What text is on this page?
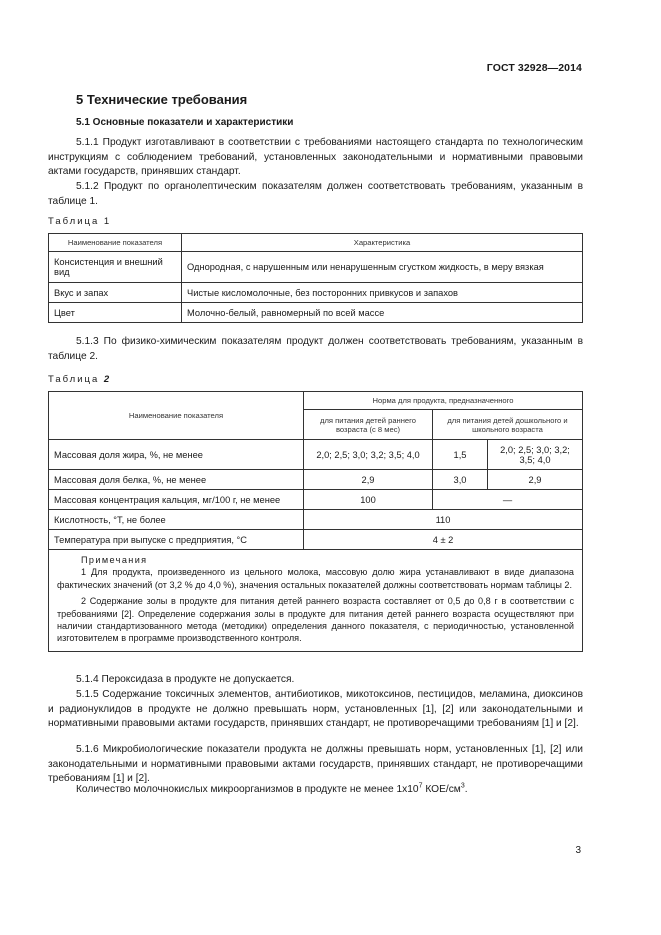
ГОСТ 32928—2014
5 Технические требования
5.1 Основные показатели и характеристики
5.1.1 Продукт изготавливают в соответствии с требованиями настоящего стандарта по технологическим инструкциям с соблюдением требований, установленных законодательными и нормативными правовыми актами государств, принявших стандарт.
5.1.2 Продукт по органолептическим показателям должен соответствовать требованиям, указанным в таблице 1.
Таблица 1
Наименование показателя	Характеристика
Консистенция и внешний вид	Однородная, с нарушенным или ненарушенным сгустком жидкость, в меру вязкая
Вкус и запах	Чистые кисломолочные, без посторонних привкусов и запахов
Цвет	Молочно-белый, равномерный по всей массе
5.1.3 По физико-химическим показателям продукт должен соответствовать требованиям, указанным в таблице 2.
Таблица 2
Наименование показателя	Норма для продукта, предназначенного		
	для питания детей раннего возраста (с 8 мес)	для питания детей дошкольного и школьного возраста	
Массовая доля жира, %, не менее	2,0; 2,5; 3,0; 3,2; 3,5; 4,0	1,5	2,0; 2,5; 3,0; 3,2; 3,5; 4,0
Массовая доля белка, %, не менее	2,9	3,0	2,9
Массовая концентрация кальция, мг/100 г, не менее	100	—	
Кислотность, °Т, не более	110		
Температура при выпуске с предприятия, °С	4 ± 2		

Примечания
1 Для продукта, произведенного из цельного молока, массовую долю жира устанавливают в виде диапазона фактических значений (от 3,2 % до 4,0 %), значения остальных показателей должны соответствовать нормам таблицы 2.
2 Содержание золы в продукте для питания детей раннего возраста составляет от 0,5 до 0,8 г в соответствии с требованиями [2]. Определение содержания золы в продукте для питания детей раннего возраста осуществляют при наличии стандартизованного метода (методики) определения данного показателя, с периодичностью, установленной изготовителем в программе производственного контроля.			
5.1.4 Пероксидаза в продукте не допускается.
5.1.5 Содержание токсичных элементов, антибиотиков, микотоксинов, пестицидов, меламина, диоксинов и радионуклидов в продукте не должно превышать норм, установленных [1], [2] или законодательными и нормативными правовыми актами государств, принявших стандарт, не противоречащими требованиям [1] и [2].
5.1.6 Микробиологические показатели продукта не должны превышать норм, установленных [1], [2] или законодательными и нормативными правовыми актами государств, принявших стандарт, не противоречащими требованиям [1] и [2].
Количество молочнокислых микроорганизмов в продукте не менее $1х10^7$ КОЕ/$см^3$.
3
